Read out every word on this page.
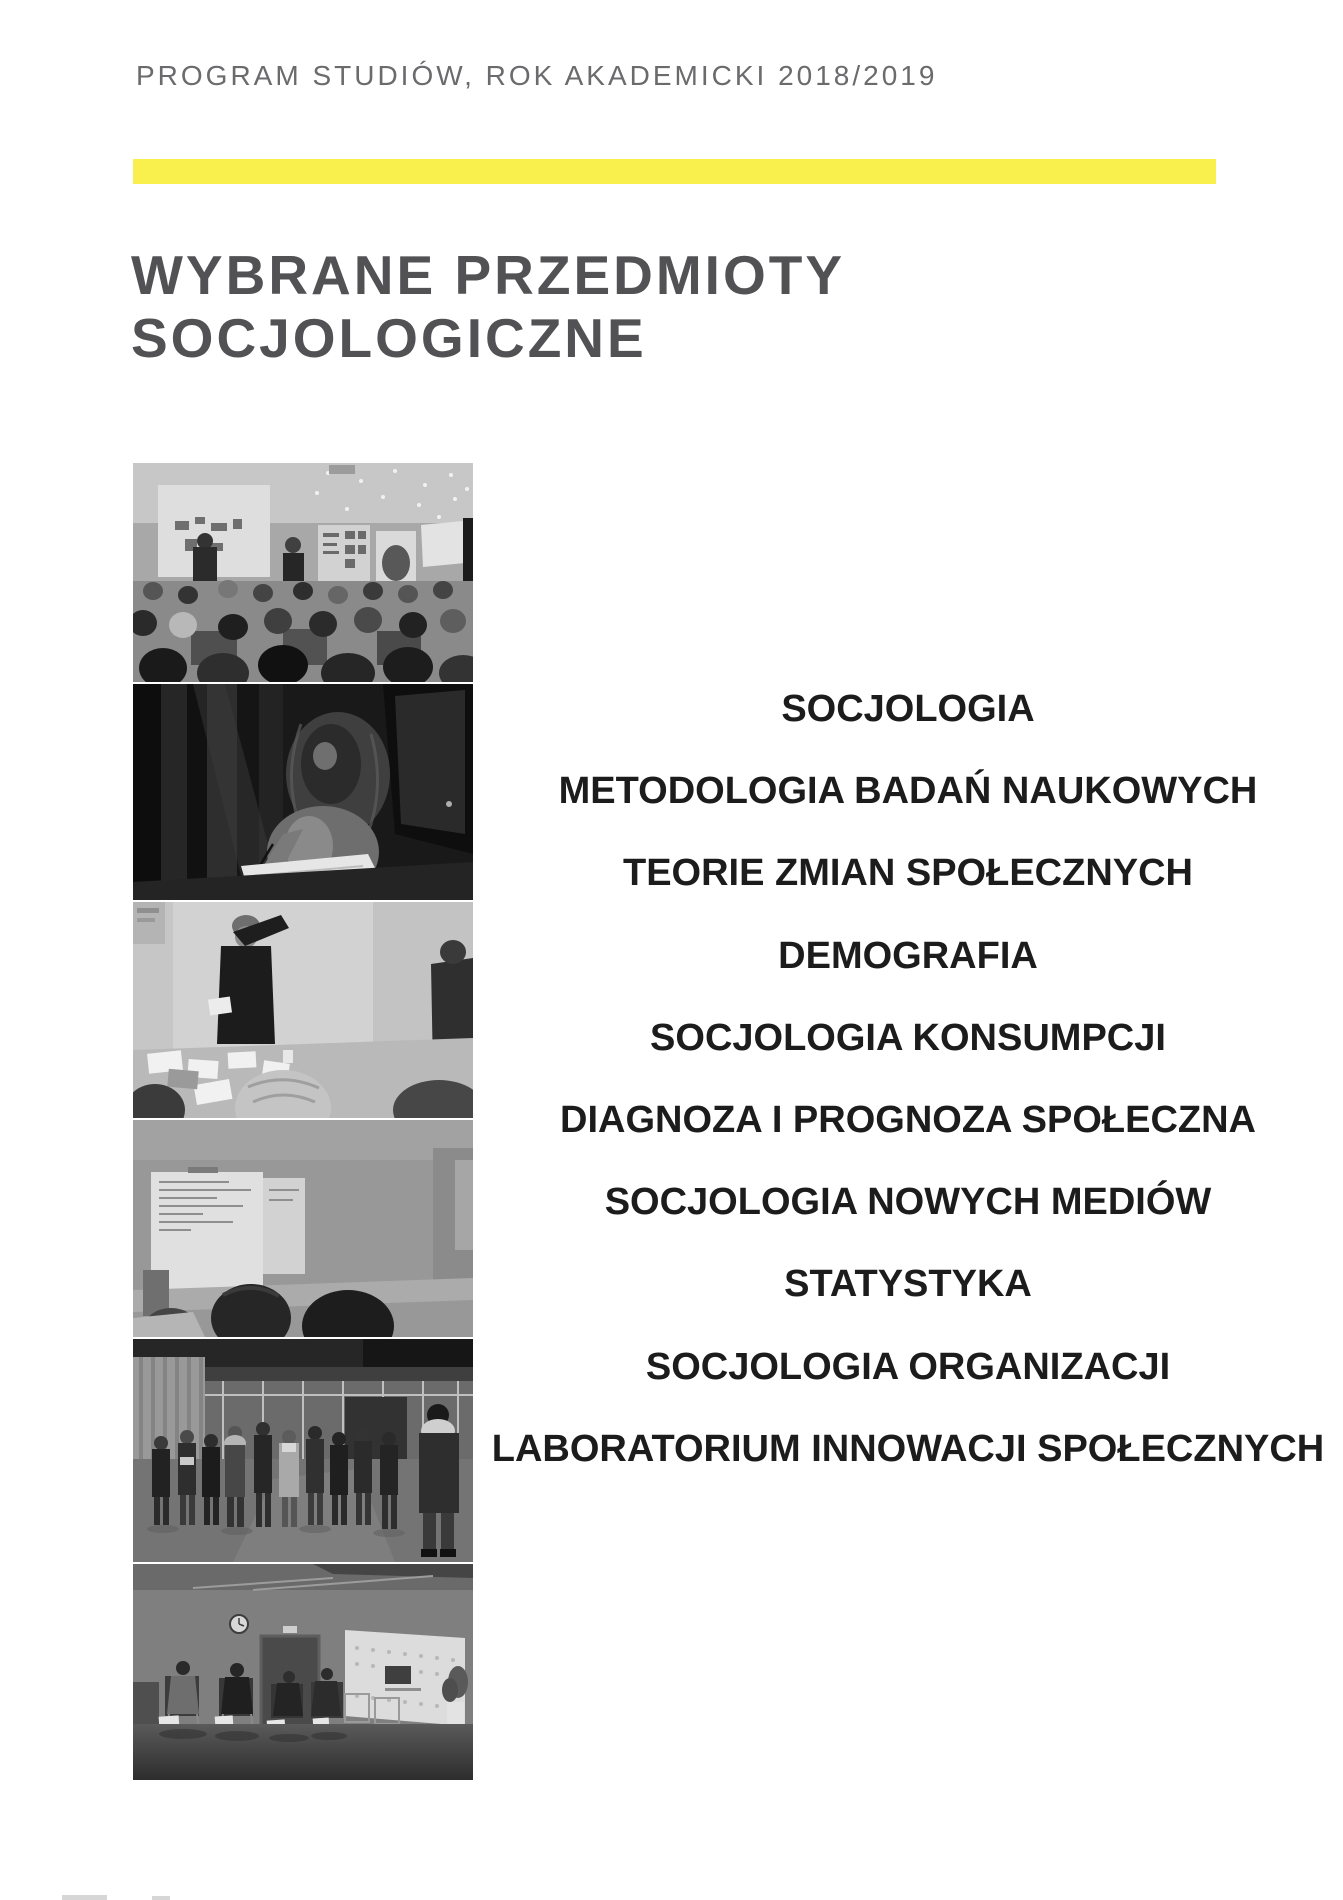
PROGRAM STUDIÓW, ROK AKADEMICKI 2018/2019
WYBRANE PRZEDMIOTY
SOCJOLOGICZNE
SOCJOLOGIA
METODOLOGIA BADAŃ NAUKOWYCH
TEORIE ZMIAN SPOŁECZNYCH
DEMOGRAFIA
SOCJOLOGIA KONSUMPCJI
DIAGNOZA I PROGNOZA SPOŁECZNA
SOCJOLOGIA NOWYCH MEDIÓW
STATYSTYKA
SOCJOLOGIA ORGANIZACJI
LABORATORIUM INNOWACJI SPOŁECZNYCH
